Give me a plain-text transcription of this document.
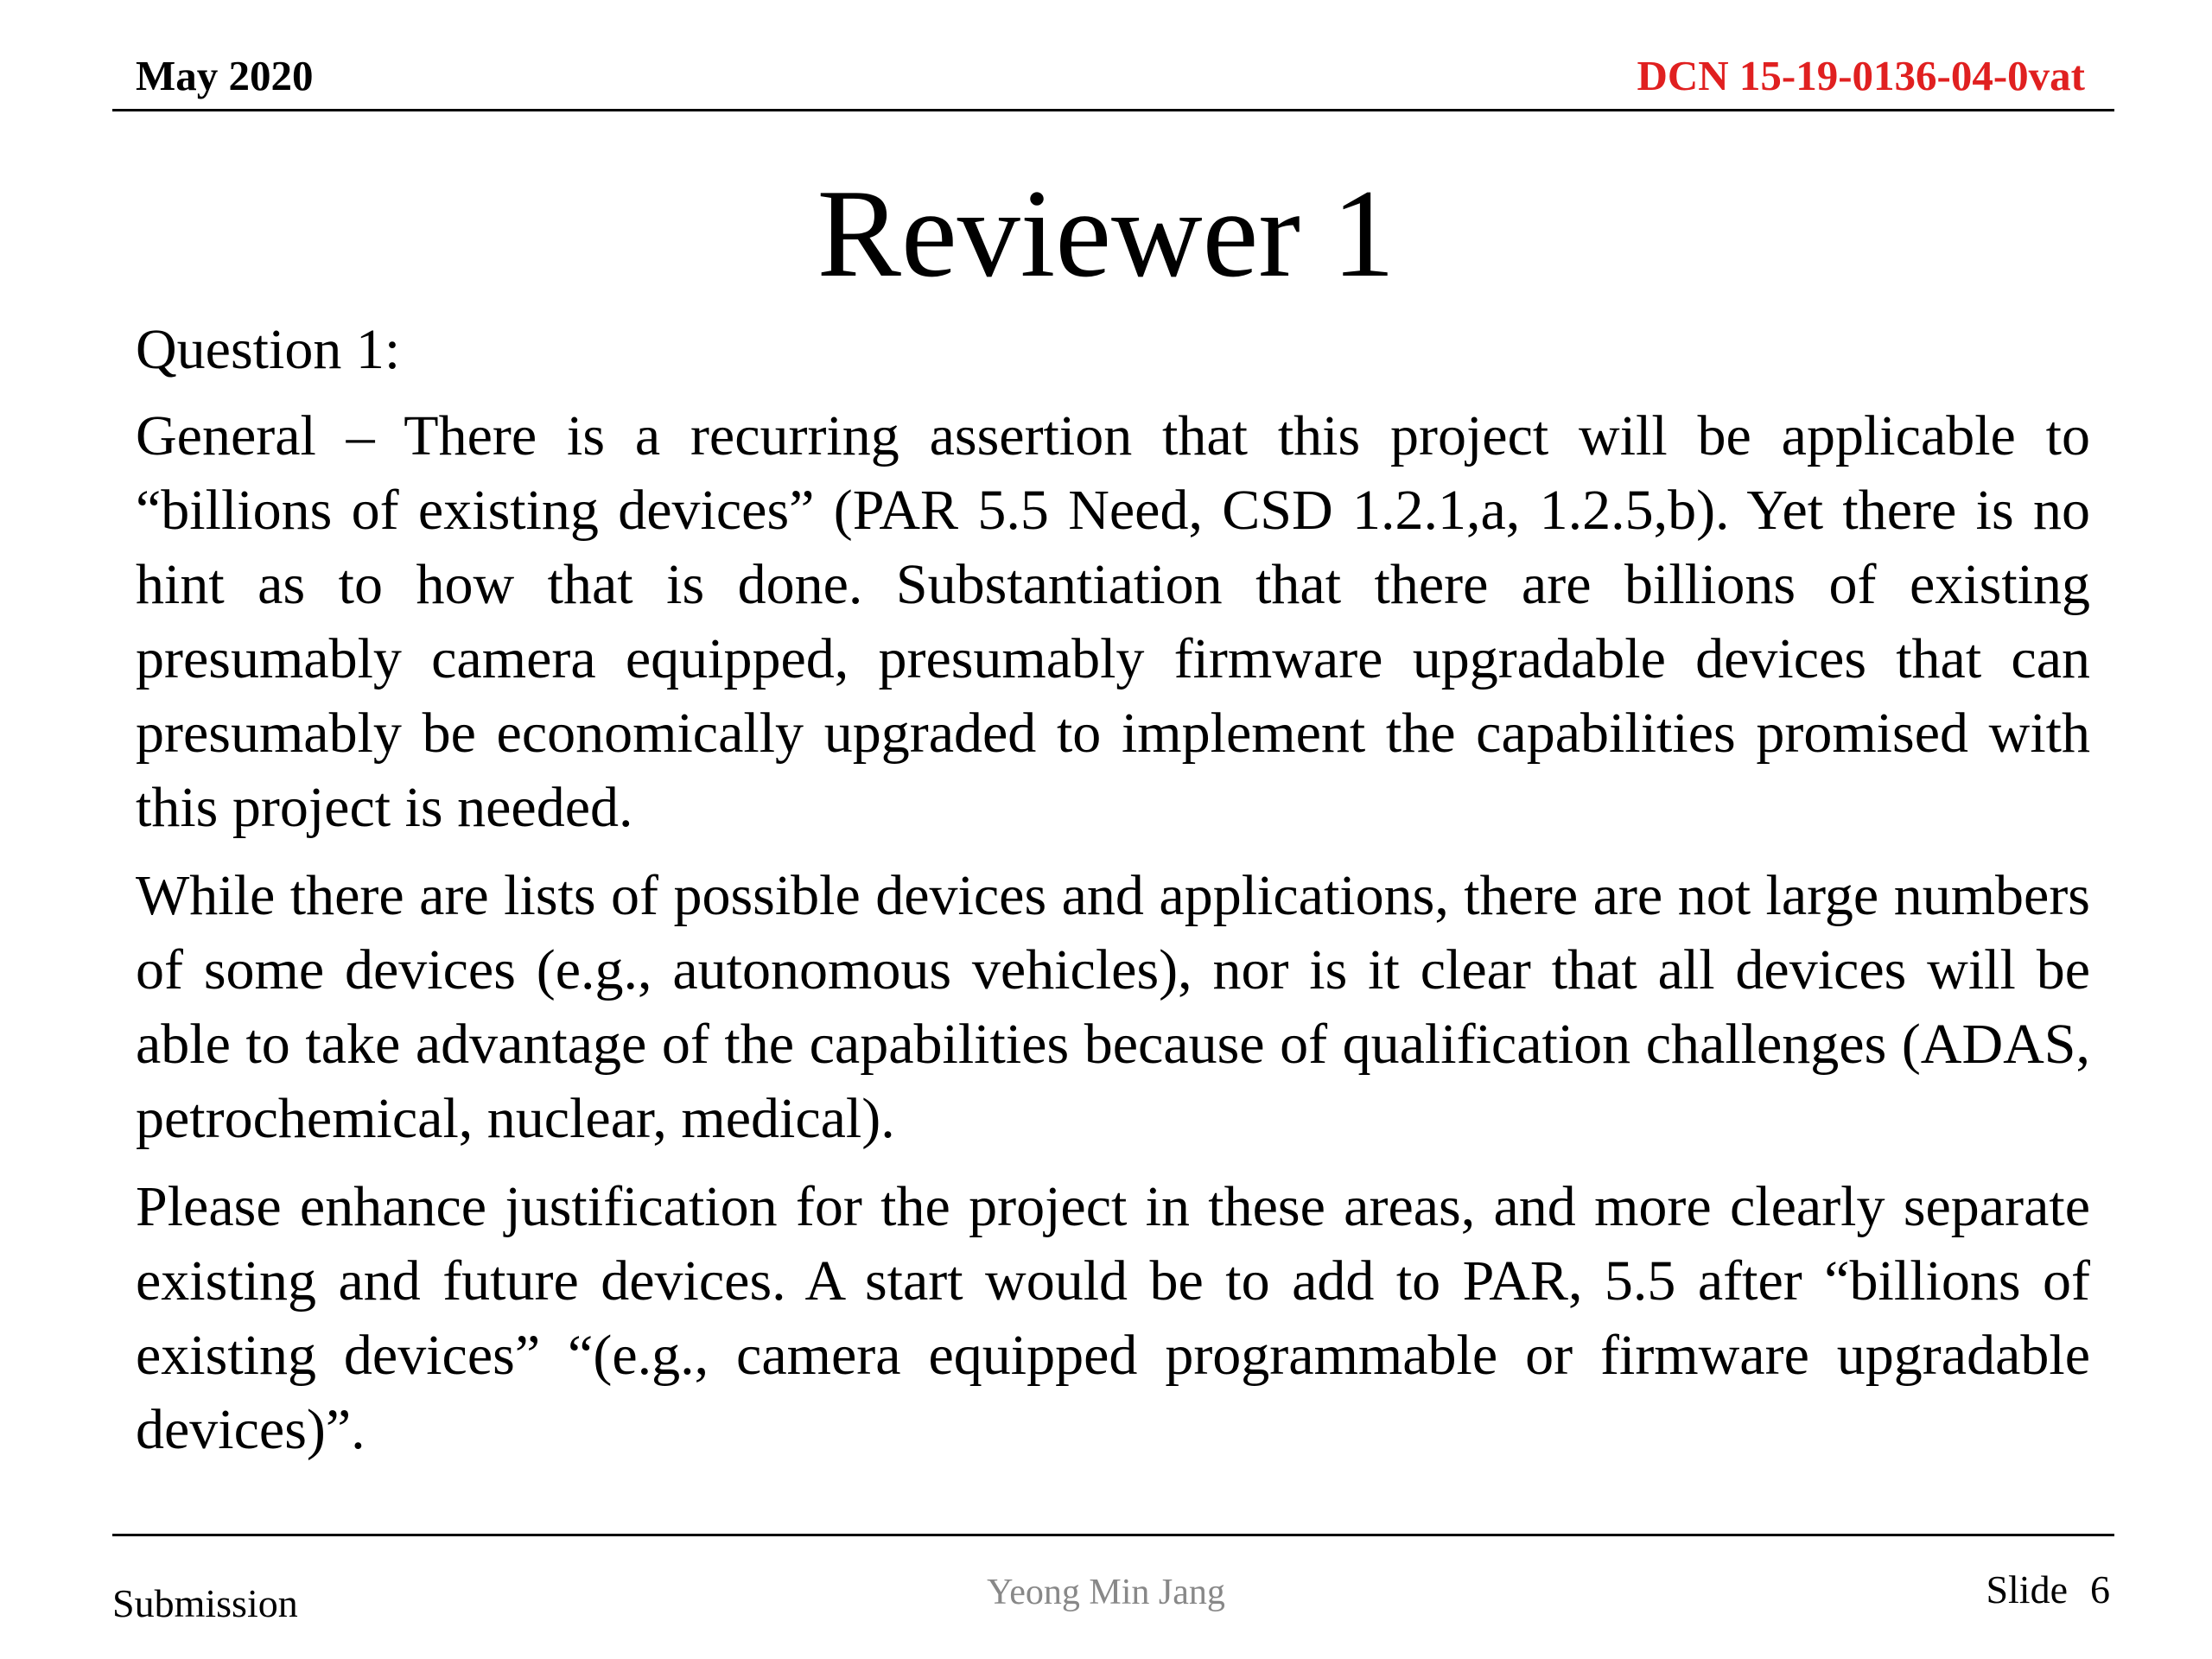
May 2020	DCN 15-19-0136-04-0vat
Reviewer 1

Question 1:

General – There is a recurring assertion that this project will be applicable to “billions of existing devices” (PAR 5.5 Need, CSD 1.2.1,a, 1.2.5,b). Yet there is no hint as to how that is done. Substantiation that there are billions of existing presumably camera equipped, presumably firmware upgradable devices that can presumably be economically upgraded to implement the capabilities promised with this project is needed.

While there are lists of possible devices and applications, there are not large numbers of some devices (e.g., autonomous vehicles), nor is it clear that all devices will be able to take advantage of the capabilities because of qualification challenges (ADAS, petrochemical, nuclear, medical).

Please enhance justification for the project in these areas, and more clearly separate existing and future devices. A start would be to add to PAR, 5.5 after “billions of existing devices” “(e.g., camera equipped programmable or firmware upgradable devices)”.

Submission	Yeong Min Jang	Slide 6
